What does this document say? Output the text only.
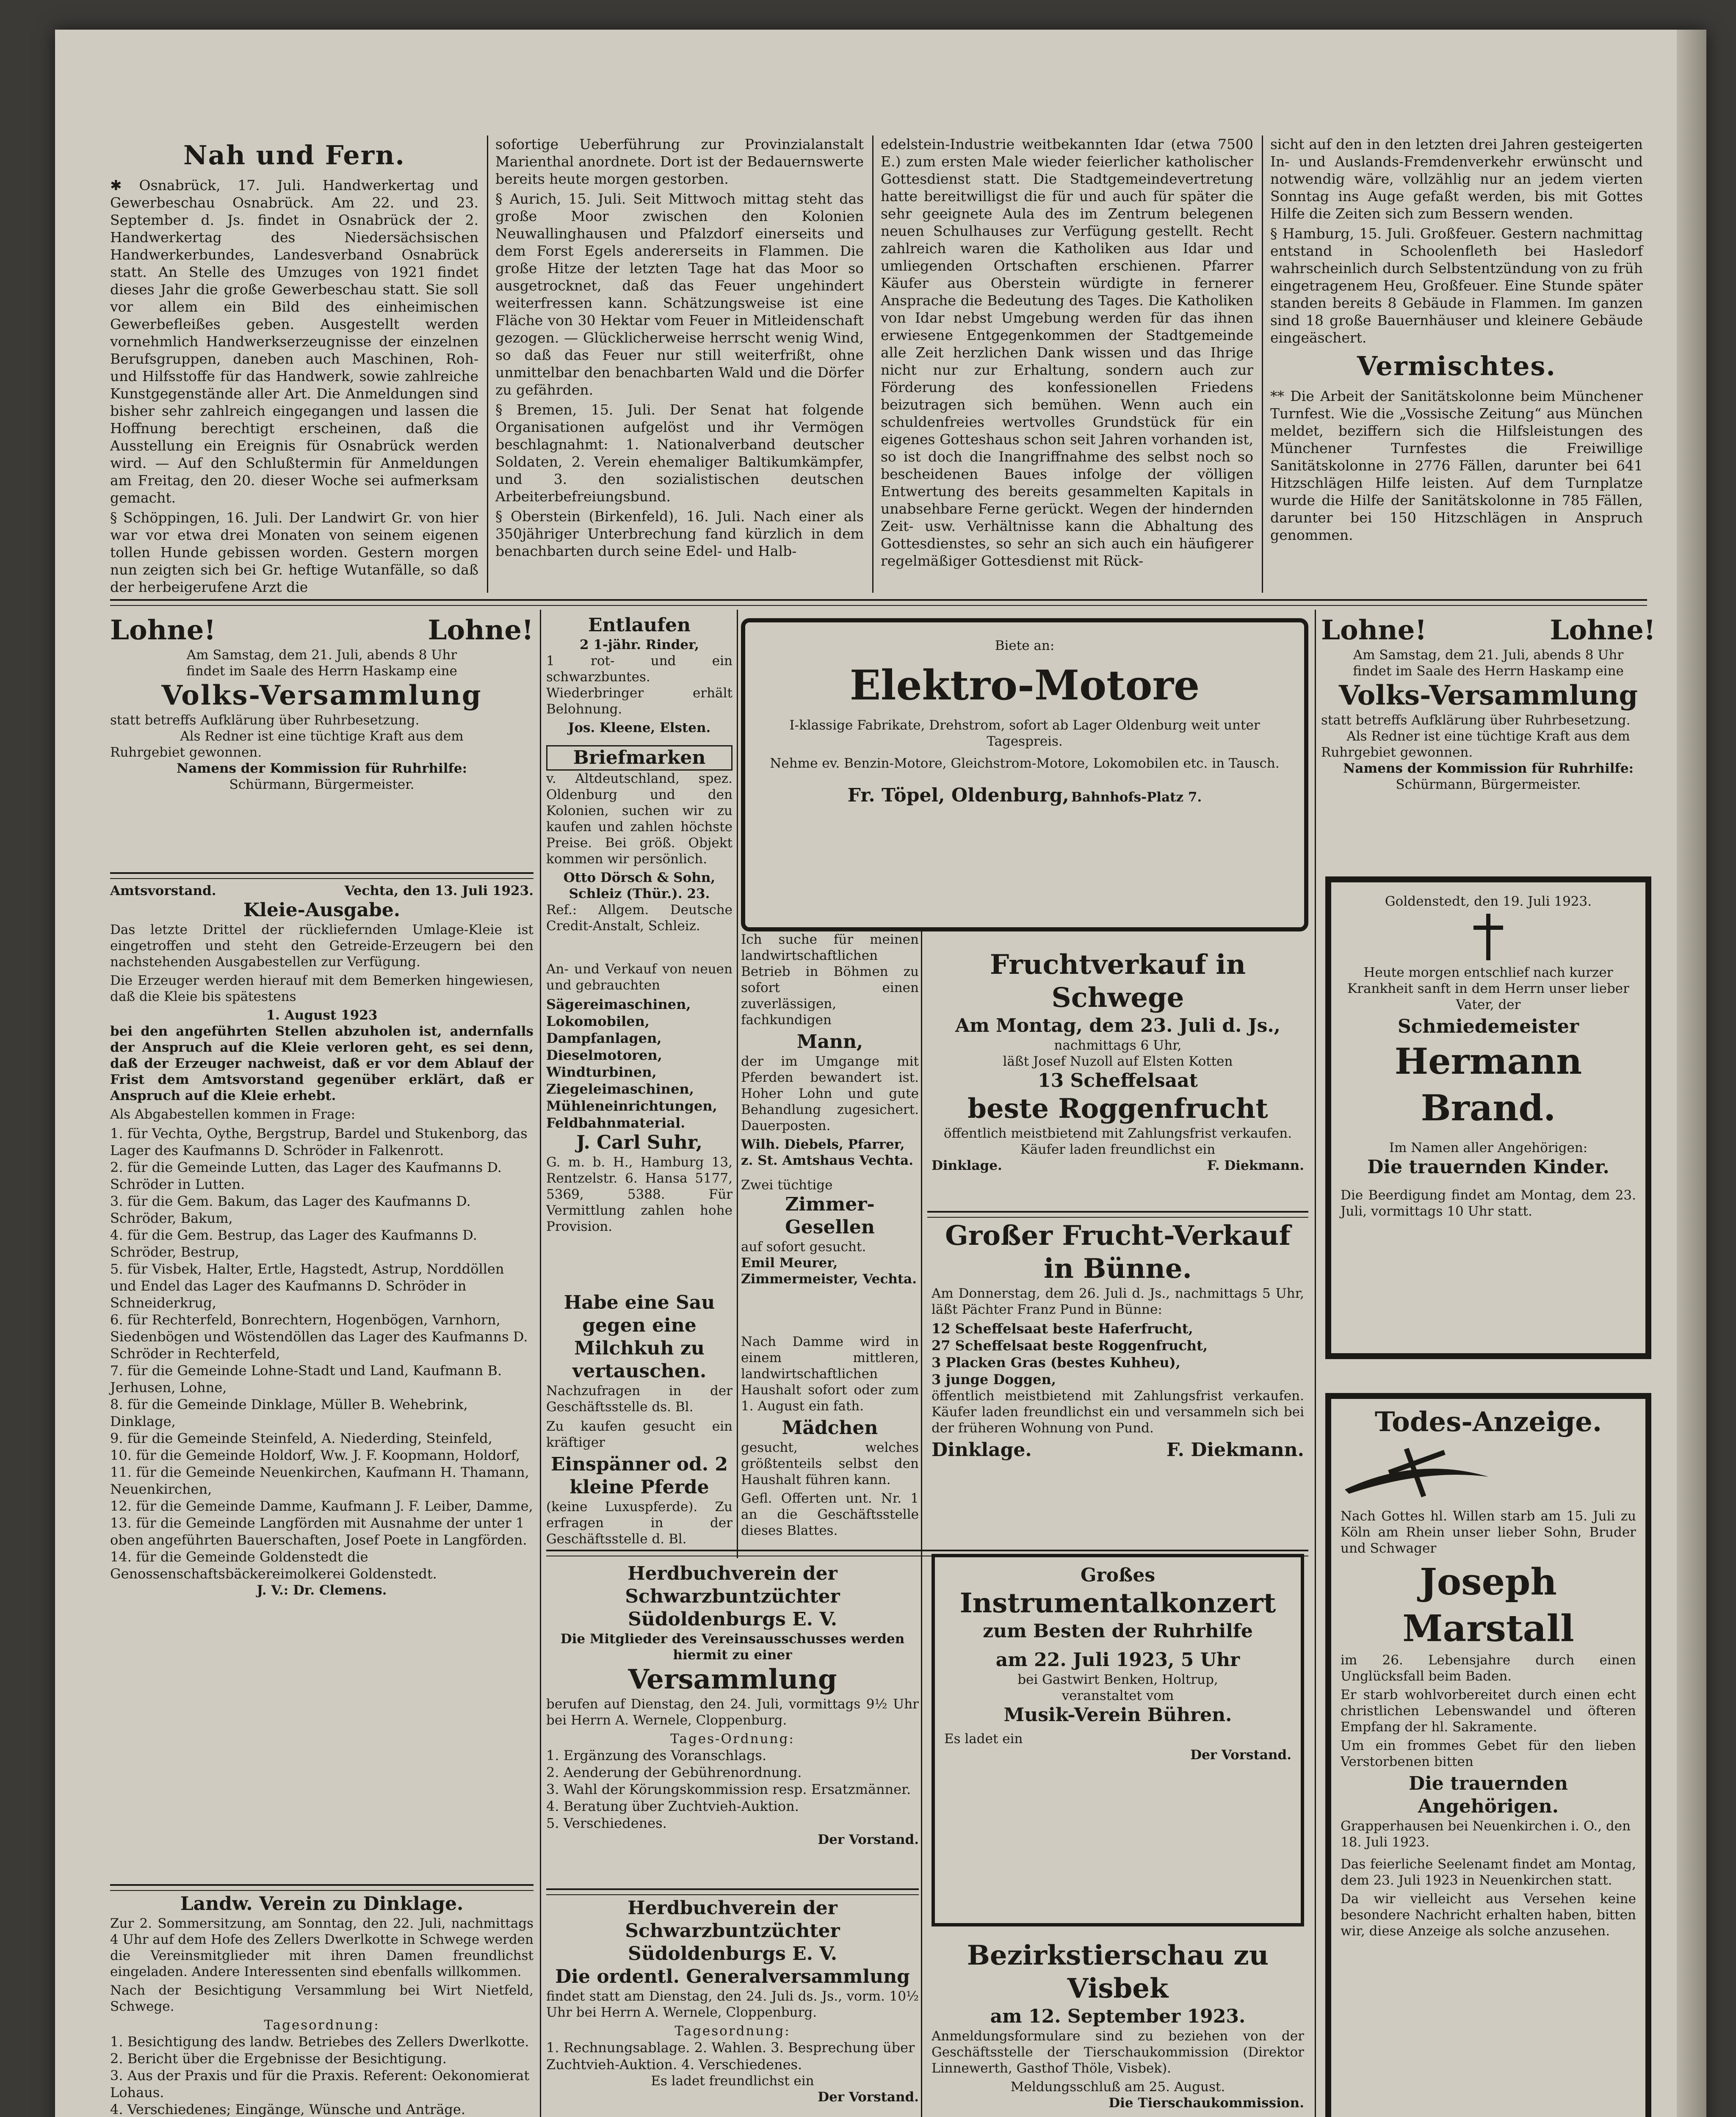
Nah und Fern.

✱ Osnabrück, 17. Juli. Handwerkertag und Gewerbeschau Osnabrück. Am 22. und 23. September d. Js. findet in Osnabrück der 2. Handwerkertag des Niedersächsischen Handwerkerbundes, Landesverband Osnabrück statt. An Stelle des Umzuges von 1921 findet dieses Jahr die große Gewerbeschau statt. Sie soll vor allem ein Bild des einheimischen Gewerbefleißes geben. Ausgestellt werden vornehmlich Handwerkserzeugnisse der einzelnen Berufsgruppen, daneben auch Maschinen, Roh- und Hilfsstoffe für das Handwerk, sowie zahlreiche Kunstgegenstände aller Art. Die Anmeldungen sind bisher sehr zahlreich eingegangen und lassen die Hoffnung berechtigt erscheinen, daß die Ausstellung ein Ereignis für Osnabrück werden wird. — Auf den Schlußtermin für Anmeldungen am Freitag, den 20. dieser Woche sei aufmerksam gemacht.

§ Schöppingen, 16. Juli. Der Landwirt Gr. von hier war vor etwa drei Monaten von seinem eigenen tollen Hunde gebissen worden. Gestern morgen nun zeigten sich bei Gr. heftige Wutanfälle, so daß der herbeigerufene Arzt die

sofortige Ueberführung zur Provinzialanstalt Marienthal anordnete. Dort ist der Bedauernswerte bereits heute morgen gestorben.

§ Aurich, 15. Juli. Seit Mittwoch mittag steht das große Moor zwischen den Kolonien Neuwallinghausen und Pfalzdorf einerseits und dem Forst Egels andererseits in Flammen. Die große Hitze der letzten Tage hat das Moor so ausgetrocknet, daß das Feuer ungehindert weiterfressen kann. Schätzungsweise ist eine Fläche von 30 Hektar vom Feuer in Mitleidenschaft gezogen. — Glücklicherweise herrscht wenig Wind, so daß das Feuer nur still weiterfrißt, ohne unmittelbar den benachbarten Wald und die Dörfer zu gefährden.

§ Bremen, 15. Juli. Der Senat hat folgende Organisationen aufgelöst und ihr Vermögen beschlagnahmt: 1. Nationalverband deutscher Soldaten, 2. Verein ehemaliger Baltikumkämpfer, und 3. den sozialistischen deutschen Arbeiterbefreiungsbund.

§ Oberstein (Birkenfeld), 16. Juli. Nach einer als 350jähriger Unterbrechung fand kürzlich in dem benachbarten durch seine Edel- und Halb-

edelstein-Industrie weitbekannten Idar (etwa 7500 E.) zum ersten Male wieder feierlicher katholischer Gottesdienst statt. Die Stadtgemeindevertretung hatte bereitwilligst die für und auch für später die sehr geeignete Aula des im Zentrum belegenen neuen Schulhauses zur Verfügung gestellt. Recht zahlreich waren die Katholiken aus Idar und umliegenden Ortschaften erschienen. Pfarrer Käufer aus Oberstein würdigte in fernerer Ansprache die Bedeutung des Tages. Die Katholiken von Idar nebst Umgebung werden für das ihnen erwiesene Entgegenkommen der Stadtgemeinde alle Zeit herzlichen Dank wissen und das Ihrige nicht nur zur Erhaltung, sondern auch zur Förderung des konfessionellen Friedens beizutragen sich bemühen. Wenn auch ein schuldenfreies wertvolles Grundstück für ein eigenes Gotteshaus schon seit Jahren vorhanden ist, so ist doch die Inangriffnahme des selbst noch so bescheidenen Baues infolge der völligen Entwertung des bereits gesammelten Kapitals in unabsehbare Ferne gerückt. Wegen der hindernden Zeit- usw. Verhältnisse kann die Abhaltung des Gottesdienstes, so sehr an sich auch ein häufigerer regelmäßiger Gottesdienst mit Rück-

sicht auf den in den letzten drei Jahren gesteigerten In- und Auslands-Fremdenverkehr erwünscht und notwendig wäre, vollzählig nur an jedem vierten Sonntag ins Auge gefaßt werden, bis mit Gottes Hilfe die Zeiten sich zum Bessern wenden.

§ Hamburg, 15. Juli. Großfeuer. Gestern nachmittag entstand in Schoolenfleth bei Hasledorf wahrscheinlich durch Selbstentzündung von zu früh eingetragenem Heu, Großfeuer. Eine Stunde später standen bereits 8 Gebäude in Flammen. Im ganzen sind 18 große Bauernhäuser und kleinere Gebäude eingeäschert.

Vermischtes.

** Die Arbeit der Sanitätskolonne beim Münchener Turnfest. Wie die „Vossische Zeitung“ aus München meldet, beziffern sich die Hilfsleistungen des Münchener Turnfestes die Freiwillige Sanitätskolonne in 2776 Fällen, darunter bei 641 Hitzschlägen Hilfe leisten. Auf dem Turnplatze wurde die Hilfe der Sanitätskolonne in 785 Fällen, darunter bei 150 Hitzschlägen in Anspruch genommen.

Lohne!	Lohne!
Am Samstag, dem 21. Juli, abends 8 Uhr
findet im Saale des Herrn Haskamp eine
Volks-Versammlung
statt betreffs Aufklärung über Ruhrbesetzung.
Als Redner ist eine tüchtige Kraft aus dem
Ruhrgebiet gewonnen.
Namens der Kommission für Ruhrhilfe:
Schürmann, Bürgermeister.
Amtsvorstand.	Vechta, den 13. Juli 1923.
Kleie-Ausgabe.

Das letzte Drittel der rückliefernden Umlage-Kleie ist eingetroffen und steht den Getreide-Erzeugern bei den nachstehenden Ausgabestellen zur Verfügung.

Die Erzeuger werden hierauf mit dem Bemerken hingewiesen, daß die Kleie bis spätestens

1. August 1923

bei den angeführten Stellen abzuholen ist, andernfalls der Anspruch auf die Kleie verloren geht, es sei denn, daß der Erzeuger nachweist, daß er vor dem Ablauf der Frist dem Amtsvorstand gegenüber erklärt, daß er Anspruch auf die Kleie erhebt.

Als Abgabestellen kommen in Frage:

1. für Vechta, Oythe, Bergstrup, Bardel und Stukenborg, das Lager des Kaufmanns D. Schröder in Falkenrott.
2. für die Gemeinde Lutten, das Lager des Kaufmanns D. Schröder in Lutten.
3. für die Gem. Bakum, das Lager des Kaufmanns D. Schröder, Bakum,
4. für die Gem. Bestrup, das Lager des Kaufmanns D. Schröder, Bestrup,
5. für Visbek, Halter, Ertle, Hagstedt, Astrup, Norddöllen und Endel das Lager des Kaufmanns D. Schröder in Schneiderkrug,
6. für Rechterfeld, Bonrechtern, Hogenbögen, Varnhorn, Siedenbögen und Wöstendöllen das Lager des Kaufmanns D. Schröder in Rechterfeld,
7. für die Gemeinde Lohne-Stadt und Land, Kaufmann B. Jerhusen, Lohne,
8. für die Gemeinde Dinklage, Müller B. Wehebrink, Dinklage,
9. für die Gemeinde Steinfeld, A. Niederding, Steinfeld,
10. für die Gemeinde Holdorf, Ww. J. F. Koopmann, Holdorf,
11. für die Gemeinde Neuenkirchen, Kaufmann H. Thamann, Neuenkirchen,
12. für die Gemeinde Damme, Kaufmann J. F. Leiber, Damme,
13. für die Gemeinde Langförden mit Ausnahme der unter 1 oben angeführten Bauerschaften, Josef Poete in Langförden.
14. für die Gemeinde Goldenstedt die Genossenschaftsbäckereimolkerei Goldenstedt.
J. V.: Dr. Clemens.
Landw. Verein zu Dinklage.

Zur 2. Sommersitzung, am Sonntag, den 22. Juli, nachmittags 4 Uhr auf dem Hofe des Zellers Dwerlkotte in Schwege werden die Vereinsmitglieder mit ihren Damen freundlichst eingeladen. Andere Interessenten sind ebenfalls willkommen.

Nach der Besichtigung Versammlung bei Wirt Nietfeld, Schwege.

Tagesordnung:
1. Besichtigung des landw. Betriebes des Zellers Dwerlkotte.
2. Bericht über die Ergebnisse der Besichtigung.
3. Aus der Praxis und für die Praxis. Referent: Oekonomierat Lohaus.
4. Verschiedenes; Eingänge, Wünsche und Anträge.

Entlaufen
2 1-jähr. Rinder,

1 rot- und ein schwarzbuntes. Wiederbringer erhält Belohnung.

Jos. Kleene, Elsten.
Briefmarken

v. Altdeutschland, spez. Oldenburg und den Kolonien, suchen wir zu kaufen und zahlen höchste Preise. Bei größ. Objekt kommen wir persönlich.

Otto Dörsch & Sohn,
Schleiz (Thür.). 23.

Ref.: Allgem. Deutsche Credit-Anstalt, Schleiz.

An- und Verkauf von neuen und gebrauchten

Sägereimaschinen,
Lokomobilen,
Dampfanlagen,
Dieselmotoren,
Windturbinen,
Ziegeleimaschinen,
Mühleneinrichtungen,
Feldbahnmaterial.
J. Carl Suhr,

G. m. b. H., Hamburg 13, Rentzelstr. 6. Hansa 5177, 5369, 5388. Für Vermittlung zahlen hohe Provision.

Habe eine Sau gegen eine Milchkuh zu vertauschen.

Nachzufragen in der Geschäftsstelle ds. Bl.

Zu kaufen gesucht ein kräftiger

Einspänner od. 2 kleine Pferde

(keine Luxuspferde). Zu erfragen in der Geschäftsstelle d. Bl.

Ich suche für meinen landwirtschaftlichen Betrieb in Böhmen zu sofort einen zuverlässigen, fachkundigen

Mann,

der im Umgange mit Pferden bewandert ist. Hoher Lohn und gute Behandlung zugesichert. Dauerposten.

Wilh. Diebels, Pfarrer, z. St. Amtshaus Vechta.
Zwei tüchtige
Zimmer-Gesellen
auf sofort gesucht.
Emil Meurer, Zimmermeister, Vechta.

Nach Damme wird in einem mittleren, landwirtschaftlichen Haushalt sofort oder zum 1. August ein fath.

Mädchen

gesucht, welches größtenteils selbst den Haushalt führen kann.

Gefl. Offerten unt. Nr. 1 an die Geschäftsstelle dieses Blattes.

Biete an:
Elektro-Motore
I-klassige Fabrikate, Drehstrom, sofort ab Lager Oldenburg weit unter Tagespreis.
Nehme ev. Benzin-Motore, Gleichstrom-Motore, Lokomobilen etc. in Tausch.
Fr. Töpel, Oldenburg, Bahnhofs-Platz 7.
Fruchtverkauf in Schwege
Am Montag, dem 23. Juli d. Js.,
nachmittags 6 Uhr,
läßt Josef Nuzoll auf Elsten Kotten
13 Scheffelsaat
beste Roggenfrucht
öffentlich meistbietend mit Zahlungsfrist verkaufen.
Käufer laden freundlichst ein
Dinklage.	F. Diekmann.
Großer Frucht-Verkauf in Bünne.

Am Donnerstag, dem 26. Juli d. Js., nachmittags 5 Uhr, läßt Pächter Franz Pund in Bünne:

12 Scheffelsaat beste Haferfrucht,
27 Scheffelsaat beste Roggenfrucht,
3 Placken Gras (bestes Kuhheu),
3 junge Doggen,

öffentlich meistbietend mit Zahlungsfrist verkaufen. Käufer laden freundlichst ein und versammeln sich bei der früheren Wohnung von Pund.

Dinklage.	F. Diekmann.
Herdbuchverein der Schwarzbuntzüchter Südoldenburgs E. V.
Die Mitglieder des Vereinsausschusses werden hiermit zu einer
Versammlung

berufen auf Dienstag, den 24. Juli, vormittags 9½ Uhr bei Herrn A. Wernele, Cloppenburg.

Tages-Ordnung:
1. Ergänzung des Voranschlags.
2. Aenderung der Gebührenordnung.
3. Wahl der Körungskommission resp. Ersatzmänner.
4. Beratung über Zuchtvieh-Auktion.
5. Verschiedenes.
Der Vorstand.
Herdbuchverein der Schwarzbuntzüchter Südoldenburgs E. V.
Die ordentl. Generalversammlung

findet statt am Dienstag, den 24. Juli ds. Js., vorm. 10½ Uhr bei Herrn A. Wernele, Cloppenburg.

Tagesordnung:
1. Rechnungsablage. 2. Wahlen. 3. Besprechung über Zuchtvieh-Auktion. 4. Verschiedenes.
Es ladet freundlichst ein
Der Vorstand.
Großes
Instrumentalkonzert
zum Besten der Ruhrhilfe
am 22. Juli 1923, 5 Uhr
bei Gastwirt Benken, Holtrup,
veranstaltet vom
Musik-Verein Bühren.
Es ladet ein
Der Vorstand.
Bezirkstierschau zu Visbek
am 12. September 1923.

Anmeldungsformulare sind zu beziehen von der Geschäftsstelle der Tierschaukommission (Direktor Linnewerth, Gasthof Thöle, Visbek).

Meldungsschluß am 25. August.
Die Tierschaukommission.
Lohne!	Lohne!
Am Samstag, dem 21. Juli, abends 8 Uhr
findet im Saale des Herrn Haskamp eine
Volks-Versammlung
statt betreffs Aufklärung über Ruhrbesetzung.
Als Redner ist eine tüchtige Kraft aus dem
Ruhrgebiet gewonnen.
Namens der Kommission für Ruhrhilfe:
Schürmann, Bürgermeister.
Goldenstedt, den 19. Juli 1923.

Heute morgen entschlief nach kurzer Krankheit sanft in dem Herrn unser lieber Vater, der

Schmiedemeister
Hermann Brand.
Im Namen aller Angehörigen:
Die trauernden Kinder.

Die Beerdigung findet am Montag, dem 23. Juli, vormittags 10 Uhr statt.

Todes-Anzeige.

Nach Gottes hl. Willen starb am 15. Juli zu Köln am Rhein unser lieber Sohn, Bruder und Schwager

Joseph Marstall

im 26. Lebensjahre durch einen Unglücksfall beim Baden.

Er starb wohlvorbereitet durch einen echt christlichen Lebenswandel und öfteren Empfang der hl. Sakramente.

Um ein frommes Gebet für den lieben Verstorbenen bitten

Die trauernden Angehörigen.
Grapperhausen bei Neuenkirchen i. O., den 18. Juli 1923.

Das feierliche Seelenamt findet am Montag, dem 23. Juli 1923 in Neuenkirchen statt.

Da wir vielleicht aus Versehen keine besondere Nachricht erhalten haben, bitten wir, diese Anzeige als solche anzusehen.
